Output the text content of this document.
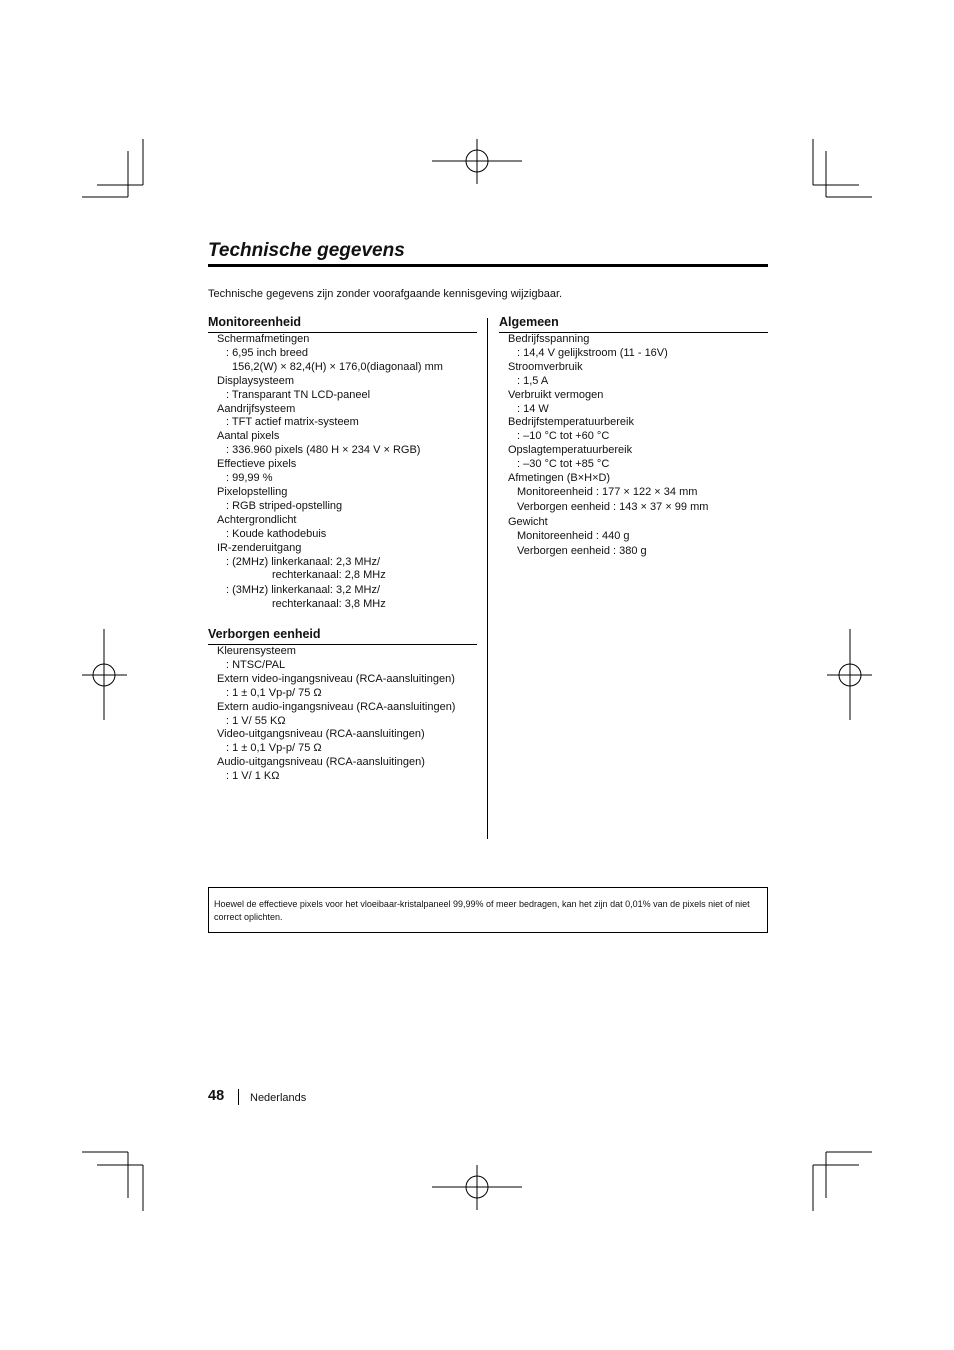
Technische gegevens
Technische gegevens zijn zonder voorafgaande kennisgeving wijzigbaar.
Monitoreenheid
Schermafmetingen
: 6,95 inch breed
156,2(W) × 82,4(H) × 176,0(diagonaal) mm
Displaysysteem
: Transparant TN LCD-paneel
Aandrijfsysteem
: TFT actief matrix-systeem
Aantal pixels
: 336.960 pixels (480 H × 234 V × RGB)
Effectieve pixels
: 99,99 %
Pixelopstelling
: RGB striped-opstelling
Achtergrondlicht
: Koude kathodebuis
IR-zenderuitgang
: (2MHz) linkerkanaal: 2,3 MHz/
rechterkanaal: 2,8 MHz
: (3MHz) linkerkanaal: 3,2 MHz/
rechterkanaal: 3,8 MHz
Verborgen eenheid
Kleurensysteem
: NTSC/PAL
Extern video-ingangsniveau (RCA-aansluitingen)
: 1 ± 0,1 Vp-p/ 75 Ω
Extern audio-ingangsniveau (RCA-aansluitingen)
: 1 V/ 55 KΩ
Video-uitgangsniveau (RCA-aansluitingen)
: 1 ± 0,1 Vp-p/ 75 Ω
Audio-uitgangsniveau (RCA-aansluitingen)
: 1 V/ 1 KΩ
Algemeen
Bedrijfsspanning
: 14,4 V gelijkstroom (11 - 16V)
Stroomverbruik
: 1,5 A
Verbruikt vermogen
: 14 W
Bedrijfstemperatuurbereik
: –10 °C tot +60 °C
Opslagtemperatuurbereik
: –30 °C tot +85 °C
Afmetingen (B×H×D)
Monitoreenheid : 177 × 122 × 34 mm
Verborgen eenheid : 143 × 37 × 99 mm
Gewicht
Monitoreenheid : 440 g
Verborgen eenheid : 380 g
Hoewel de effectieve pixels voor het vloeibaar-kristalpaneel 99,99% of meer bedragen, kan het zijn dat 0,01% van de pixels niet of niet correct oplichten.
48 Nederlands
